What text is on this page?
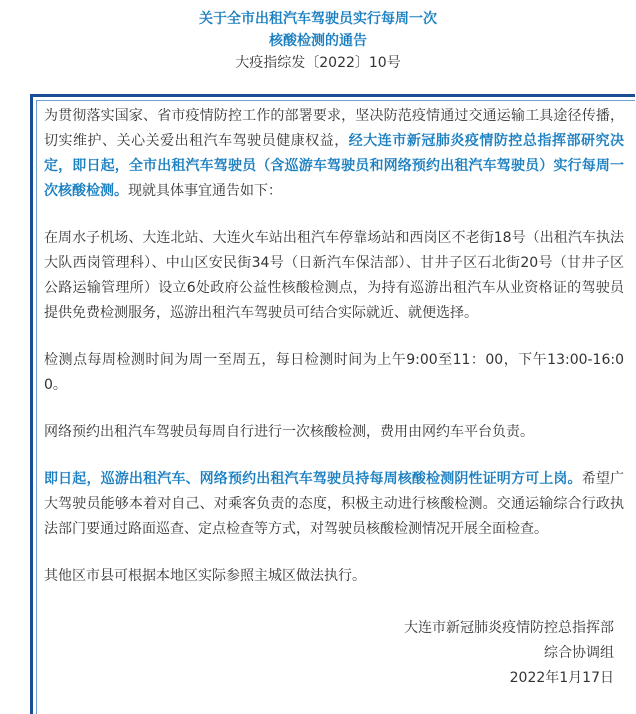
关于全市出租汽车驾驶员实行每周一次
核酸检测的通告
大疫指综发〔2022〕10号

为贯彻落实国家、省市疫情防控工作的部署要求，坚决防范疫情通过交通运输工具途径传播，切实维护、关心关爱出租汽车驾驶员健康权益，经大连市新冠肺炎疫情防控总指挥部研究决定，即日起，全市出租汽车驾驶员（含巡游车驾驶员和网络预约出租汽车驾驶员）实行每周一次核酸检测。现就具体事宜通告如下：

在周水子机场、大连北站、大连火车站出租汽车停靠场站和西岗区不老街18号（出租汽车执法大队西岗管理科）、中山区安民街34号（日新汽车保洁部）、甘井子区石北街20号（甘井子区公路运输管理所）设立6处政府公益性核酸检测点，为持有巡游出租汽车从业资格证的驾驶员提供免费检测服务，巡游出租汽车驾驶员可结合实际就近、就便选择。

检测点每周检测时间为周一至周五，每日检测时间为上午9:00至11：00，下午13:00-16:00。

网络预约出租汽车驾驶员每周自行进行一次核酸检测，费用由网约车平台负责。

即日起，巡游出租汽车、网络预约出租汽车驾驶员持每周核酸检测阴性证明方可上岗。希望广大驾驶员能够本着对自己、对乘客负责的态度，积极主动进行核酸检测。交通运输综合行政执法部门要通过路面巡查、定点检查等方式，对驾驶员核酸检测情况开展全面检查。

其他区市县可根据本地区实际参照主城区做法执行。

大连市新冠肺炎疫情防控总指挥部
综合协调组
2022年1月17日
